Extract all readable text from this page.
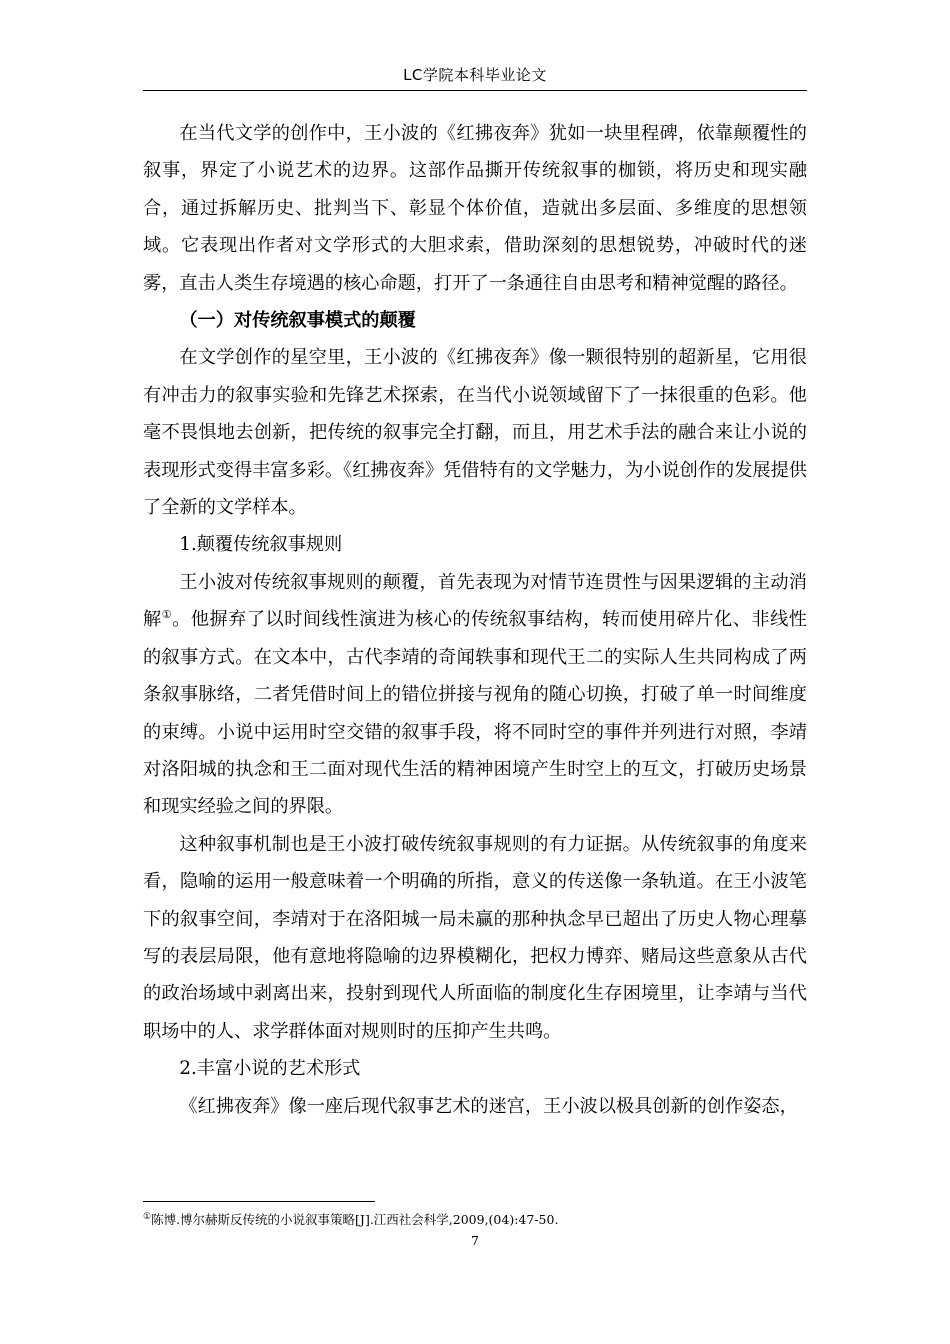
LC学院本科毕业论文

在当代文学的创作中，王小波的《红拂夜奔》犹如一块里程碑，依靠颠覆性的叙事，界定了小说艺术的边界。这部作品撕开传统叙事的枷锁，将历史和现实融合，通过拆解历史、批判当下、彰显个体价值，造就出多层面、多维度的思想领域。它表现出作者对文学形式的大胆求索，借助深刻的思想锐势，冲破时代的迷雾，直击人类生存境遇的核心命题，打开了一条通往自由思考和精神觉醒的路径。

（一）对传统叙事模式的颠覆

在文学创作的星空里，王小波的《红拂夜奔》像一颗很特别的超新星，它用很有冲击力的叙事实验和先锋艺术探索，在当代小说领域留下了一抹很重的色彩。他毫不畏惧地去创新，把传统的叙事完全打翻，而且，用艺术手法的融合来让小说的表现形式变得丰富多彩。《红拂夜奔》凭借特有的文学魅力，为小说创作的发展提供了全新的文学样本。

1.颠覆传统叙事规则

王小波对传统叙事规则的颠覆，首先表现为对情节连贯性与因果逻辑的主动消解①。他摒弃了以时间线性演进为核心的传统叙事结构，转而使用碎片化、非线性的叙事方式。在文本中，古代李靖的奇闻轶事和现代王二的实际人生共同构成了两条叙事脉络，二者凭借时间上的错位拼接与视角的随心切换，打破了单一时间维度的束缚。小说中运用时空交错的叙事手段，将不同时空的事件并列进行对照，李靖对洛阳城的执念和王二面对现代生活的精神困境产生时空上的互文，打破历史场景和现实经验之间的界限。

这种叙事机制也是王小波打破传统叙事规则的有力证据。从传统叙事的角度来看，隐喻的运用一般意味着一个明确的所指，意义的传送像一条轨道。在王小波笔下的叙事空间，李靖对于在洛阳城一局未赢的那种执念早已超出了历史人物心理摹写的表层局限，他有意地将隐喻的边界模糊化，把权力博弈、赌局这些意象从古代的政治场域中剥离出来，投射到现代人所面临的制度化生存困境里，让李靖与当代职场中的人、求学群体面对规则时的压抑产生共鸣。

2.丰富小说的艺术形式

《红拂夜奔》像一座后现代叙事艺术的迷宫，王小波以极具创新的创作姿态，

①陈博.博尔赫斯反传统的小说叙事策略[J].江西社会科学,2009,(04):47-50.
7
